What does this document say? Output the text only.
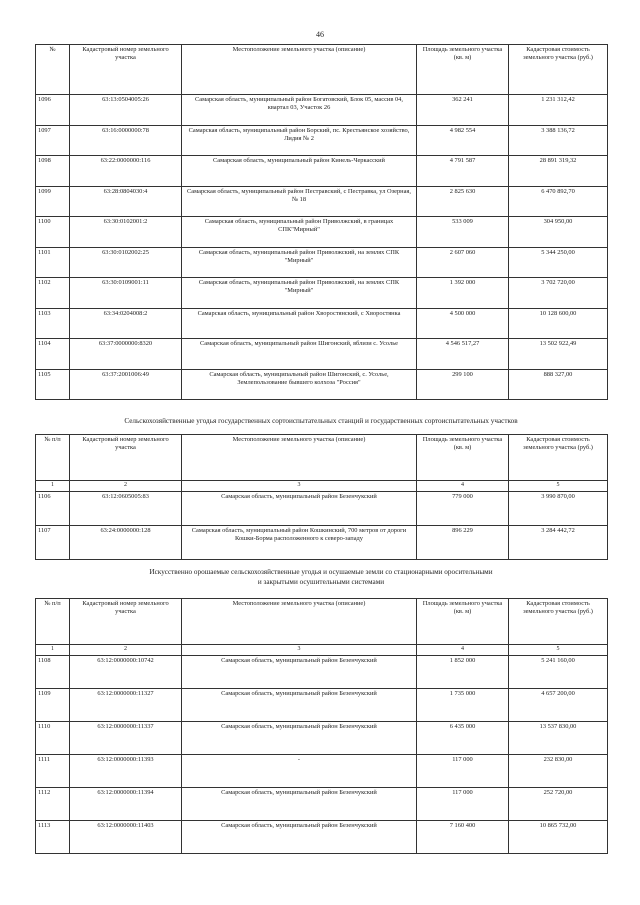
46
№	Кадастровый номер земельного участка	Местоположение земельного участка (описание)	Площадь земельного участка (кв. м)	Кадастровая стоимость земельного участка (руб.)
1096	63:13:0504005:26	Самарская область, муниципальный район Богатовский, Блок 05, массив 04, квартал 03, Участок 26	362 241	1 231 312,42
1097	63:16:0000000:78	Самарская область, муниципальный район Борский, пс. Крестьянское хозяйство, Лидия № 2	4 982 554	3 388 136,72
1098	63:22:0000000:116	Самарская область, муниципальный район Кинель-Черкасский	4 791 587	28 891 319,32
1099	63:28:0804030:4	Самарская область, муниципальный район Пестравский, с Пестравка, ул Озерная, № 18	2 825 630	6 470 892,70
1100	63:30:0102001:2	Самарская область, муниципальный район Приволжский, в границах СПК"Мирный"	533 009	304 950,00
1101	63:30:0102002:25	Самарская область, муниципальный район Приволжский, на землях СПК "Мирный"	2 607 060	5 344 250,00
1102	63:30:0109001:11	Самарская область, муниципальный район Приволжский, на землях СПК "Мирный"	1 392 000	3 702 720,00
1103	63:34:0204008:2	Самарская область, муниципальный район Хворостянский, с Хворостянка	4 500 000	10 128 600,00
1104	63:37:0000000:8320	Самарская область, муниципальный район Шигонский, вблизи с. Усолье	4 546 517,27	13 502 922,49
1105	63:37:2001006:49	Самарская область, муниципальный район Шигонский, с. Усолье, Землепользование бывшего колхоза "Россия"	299 100	888 327,00
Сельскохозяйственные угодья государственных сортоиспытательных станций и государственных сортоиспытательных участков
№ п/п	Кадастровый номер земельного участка	Местоположение земельного участка (описание)	Площадь земельного участка (кв. м)	Кадастровая стоимость земельного участка (руб.)
1	2	3	4	5
1106	63:12:0605005:83	Самарская область, муниципальный район Безенчукский	779 000	3 990 870,00
1107	63:24:0000000:128	Самарская область, муниципальный район Кошкинский, 700 метров от дороги Кошки-Борма расположенного к северо-западу	896 229	3 284 442,72
Искусственно орошаемые сельскохозяйственные угодья и осушаемые земли со стационарными оросительными
и закрытыми осушительными системами
№ п/п	Кадастровый номер земельного участка	Местоположение земельного участка (описание)	Площадь земельного участка (кв. м)	Кадастровая стоимость земельного участка (руб.)
1	2	3	4	5
1108	63:12:0000000:10742	Самарская область, муниципальный район Безенчукский	1 852 000	5 241 160,00
1109	63:12:0000000:11327	Самарская область, муниципальный район Безенчукский	1 735 000	4 657 200,00
1110	63:12:0000000:11337	Самарская область, муниципальный район Безенчукский	6 435 000	13 537 830,00
1111	63:12:0000000:11393	-	117 000	232 830,00
1112	63:12:0000000:11394	Самарская область, муниципальный район Безенчукский	117 000	252 720,00
1113	63:12:0000000:11403	Самарская область, муниципальный район Безенчукский	7 160 400	10 865 732,00
